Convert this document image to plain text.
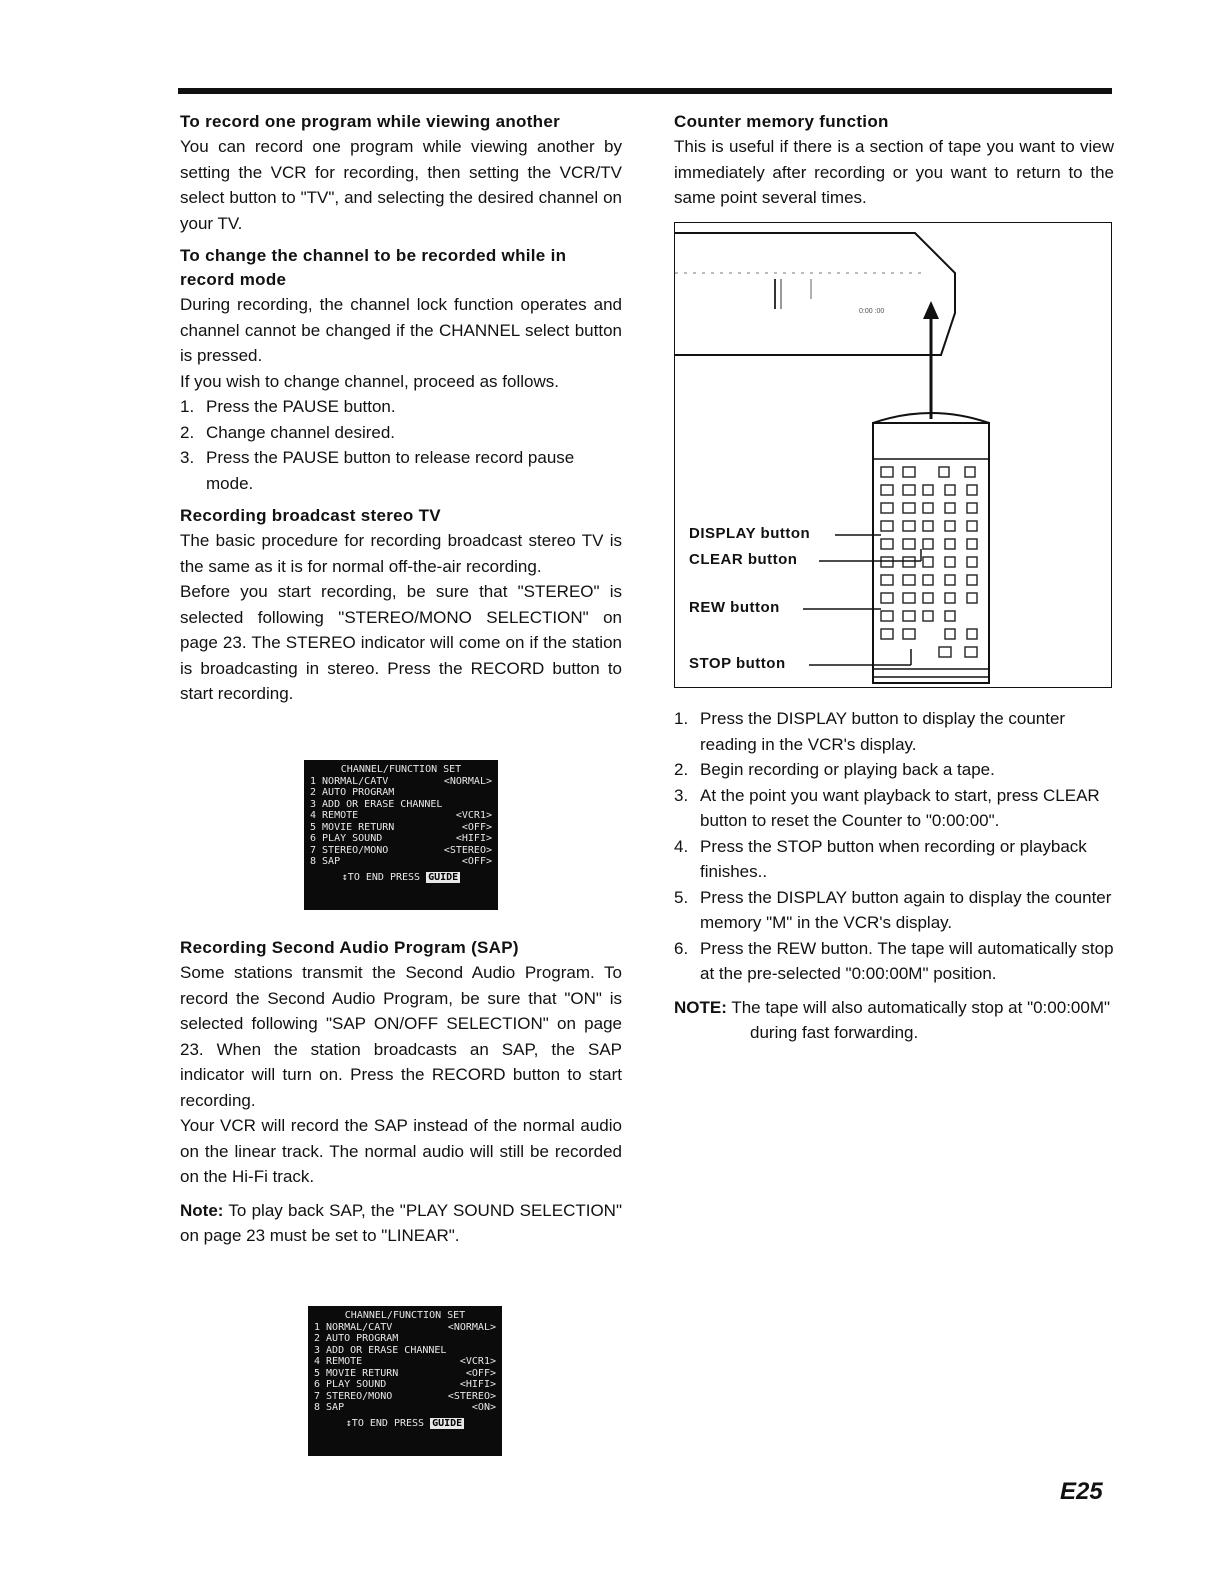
To record one program while viewing another

You can record one program while viewing another by setting the VCR for recording, then setting the VCR/TV select button to "TV", and selecting the desired channel on your TV.

To change the channel to be recorded while in record mode

During recording, the channel lock function operates and channel cannot be changed if the CHANNEL select button is pressed.

If you wish to change channel, proceed as follows.

1. Press the PAUSE button.
2. Change channel desired.
3. Press the PAUSE button to release record pause mode.

Recording broadcast stereo TV

The basic procedure for recording broadcast stereo TV is the same as it is for normal off-the-air recording.

Before you start recording, be sure that "STEREO" is selected following "STEREO/MONO SELECTION" on page 23. The STEREO indicator will come on if the station is broadcasting in stereo. Press the RECORD button to start recording.

CHANNEL/FUNCTION SET
1 NORMAL/CATV	<NORMAL>
2 AUTO PROGRAM
3 ADD OR ERASE CHANNEL
4 REMOTE	<VCR1>
5 MOVIE RETURN	<OFF>
6 PLAY SOUND	<HIFI>
7 STEREO/MONO	<STEREO>
8 SAP	<OFF>
↕TO END PRESS GUIDE

Recording Second Audio Program (SAP)

Some stations transmit the Second Audio Program. To record the Second Audio Program, be sure that "ON" is selected following "SAP ON/OFF SELECTION" on page 23. When the station broadcasts an SAP, the SAP indicator will turn on. Press the RECORD button to start recording.

Your VCR will record the SAP instead of the normal audio on the linear track. The normal audio will still be recorded on the Hi-Fi track.

Note: To play back SAP, the "PLAY SOUND SELECTION" on page 23 must be set to "LINEAR".

CHANNEL/FUNCTION SET
1 NORMAL/CATV	<NORMAL>
2 AUTO PROGRAM
3 ADD OR ERASE CHANNEL
4 REMOTE	<VCR1>
5 MOVIE RETURN	<OFF>
6 PLAY SOUND	<HIFI>
7 STEREO/MONO	<STEREO>
8 SAP	<ON>
↕TO END PRESS GUIDE

Counter memory function

This is useful if there is a section of tape you want to view immediately after recording or you want to return to the same point several times.

0:00 :00
DISPLAY button
CLEAR button
REW button
STOP button
1. Press the DISPLAY button to display the counter reading in the VCR's display.
2. Begin recording or playing back a tape.
3. At the point you want playback to start, press CLEAR button to reset the Counter to "0:00:00".
4. Press the STOP button when recording or playback finishes..
5. Press the DISPLAY button again to display the counter memory "M" in the VCR's display.
6. Press the REW button. The tape will automatically stop at the pre-selected "0:00:00M" position.

NOTE: The tape will also automatically stop at "0:00:00M" during fast forwarding.

E25
